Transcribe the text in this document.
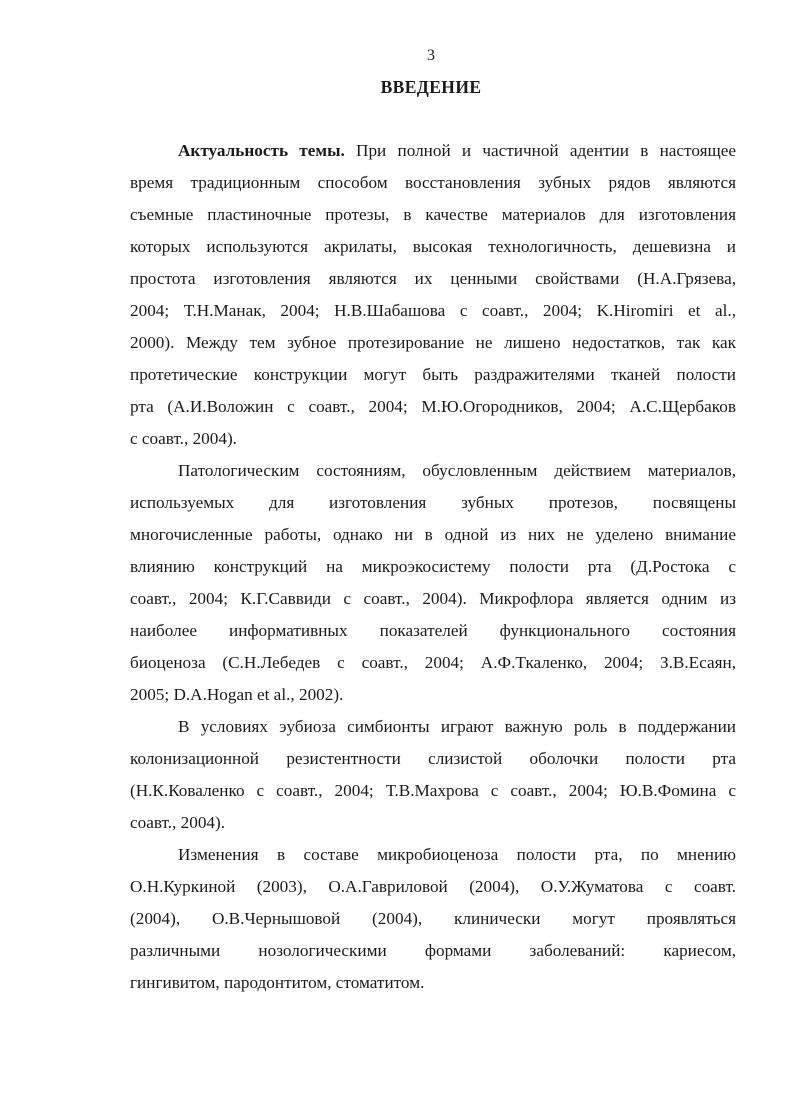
3
ВВЕДЕНИЕ
Актуальность темы. При полной и частичной адентии в настоящее
время традиционным способом восстановления зубных рядов являются
съемные пластиночные протезы, в качестве материалов для изготовления
которых используются акрилаты, высокая технологичность, дешевизна и
простота изготовления являются их ценными свойствами (Н.А.Грязева,
2004; Т.Н.Манак, 2004; Н.В.Шабашова с соавт., 2004; K.Hiromiri et al.,
2000). Между тем зубное протезирование не лишено недостатков, так как
протетические конструкции могут быть раздражителями тканей полости
рта (А.И.Воложин с соавт., 2004; М.Ю.Огородников, 2004; А.С.Щербаков
с соавт., 2004).
Патологическим состояниям, обусловленным действием материалов,
используемых для изготовления зубных протезов, посвящены
многочисленные работы, однако ни в одной из них не уделено внимание
влиянию конструкций на микроэкосистему полости рта (Д.Ростока с
соавт., 2004; К.Г.Саввиди с соавт., 2004). Микрофлора является одним из
наиболее информативных показателей функционального состояния
биоценоза (С.Н.Лебедев с соавт., 2004; А.Ф.Ткаленко, 2004; З.В.Есаян,
2005; D.A.Hogan et al., 2002).
В условиях эубиоза симбионты играют важную роль в поддержании
колонизационной резистентности слизистой оболочки полости рта
(Н.К.Коваленко с соавт., 2004; Т.В.Махрова с соавт., 2004; Ю.В.Фомина с
соавт., 2004).
Изменения в составе микробиоценоза полости рта, по мнению
О.Н.Куркиной (2003), О.А.Гавриловой (2004), О.У.Жуматова с соавт.
(2004), О.В.Чернышовой (2004), клинически могут проявляться
различными нозологическими формами заболеваний: кариесом,
гингивитом, пародонтитом, стоматитом.
